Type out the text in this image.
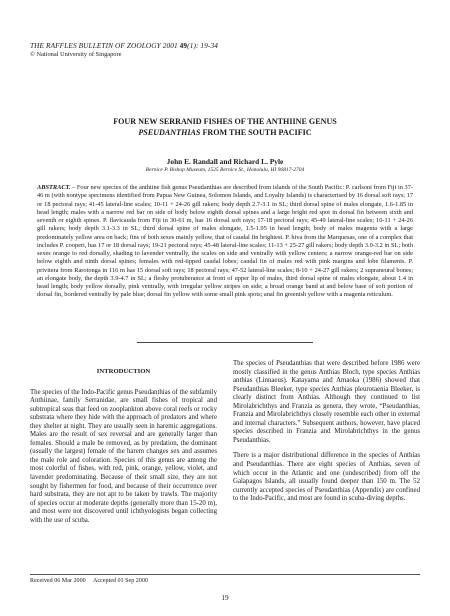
THE RAFFLES BULLETIN OF ZOOLOGY 2001 49(1): 19-34
© National University of Singapore
FOUR NEW SERRANID FISHES OF THE ANTHIINE GENUS
PSEUDANTHIAS FROM THE SOUTH PACIFIC
John E. Randall and Richard L. Pyle
Bernice P. Bishop Museum, 1525 Bernice St., Honolulu, HI 96817-2704

ABSTRACT. – Four new species of the anthiine fish genus Pseudanthias are described from islands of the South Pacific: P. carlsoni from Fiji in 37-46 m (with nontype specimens identified from Papua New Guinea, Solomon Islands, and Loyalty Islands) is characterised by 16 dorsal soft rays; 17 or 18 pectoral rays; 41-45 lateral-line scales; 10-11 + 24-26 gill rakers; body depth 2.7-3.1 in SL; third dorsal spine of males elongate, 1.6-1.85 in head length; males with a narrow red bar on side of body below eighth dorsal spines and a large bright red spot in dorsal fin between sixth and seventh or eighth spines. P. flavicauda from Fiji in 30-61 m, has 16 dorsal soft rays; 17-18 pectoral rays; 45-49 lateral-line scales; 10-11 + 24-26 gill rakers; body depth 3.1-3.3 in SL; third dorsal spine of males elongate, 1.5-1.95 in head length; body of males magenta with a large predominately yellow area on back; fins of both sexes mainly yellow, that of caudal fin brightest. P. hiva from the Marquesas, one of a complex that includes P. cooperi, has 17 or 18 dorsal rays; 19-21 pectoral rays; 45-48 lateral-line scales; 11-13 + 25-27 gill rakers; body depth 3.0-3.2 in SL; both sexes orange to red dorsally, shading to lavender ventrally, the scales on side and ventrally with yellow centers; a narrow orange-red bar on side below eighth and ninth dorsal spines; females with red-tipped caudal lobes; caudal fin of males red with pink margins and lobe filaments. P. privitera from Rarotonga in 116 m has 15 dorsal soft rays; 18 pectoral rays; 47-52 lateral-line scales; 8-10 + 24-27 gill rakers; 2 supraneural bones; an elongate body, the depth 3.9-4.7 in SL; a fleshy protuberance at front of upper lip of males, third dorsal spine of males elongate, about 1.4 in head length; body yellow dorsally, pink ventrally, with irregular yellow stripes on side; a broad orange band at and below base of soft portion of dorsal fin, bordered ventrally by pale blue; dorsal fin yellow with some small pink spots; anal fin greenish yellow with a magenta reticulum.

INTRODUCTION

The species of the Indo-Pacific genus Pseudanthias of the subfamily Anthiinae, family Serranidae, are small fishes of tropical and subtropical seas that feed on zooplankton above coral reefs or rocky substrata where they hide with the approach of predators and where they shelter at night. They are usually seen in haremic aggregations. Males are the result of sex reversal and are generally larger than females. Should a male be removed, as by predation, the dominant (usually the largest) female of the harem changes sex and assumes the male role and coloration. Species of this genus are among the most colorful of fishes, with red, pink, orange, yellow, violet, and lavender predominating. Because of their small size, they are not sought by fishermen for food, and because of their occurrence over hard substrata, they are not apt to be taken by trawls. The majority of species occur at moderate depths (generally more than 15-20 m), and most were not discovered until ichthyologists began collecting with the use of scuba.

The species of Pseudanthias that were described before 1986 were mostly classified in the genus Anthias Bloch, type species Anthias anthias (Linnaeus). Katayama and Amaoka (1986) showed that Pseudanthias Bleeker, type species Anthias pleurotaenia Bleeker, is clearly distinct from Anthias. Although they continued to list Mirolabrichthys and Franzia as genera, they wrote, “Pseudanthias, Franzia and Mirolabrichthys closely resemble each other in external and internal characters.” Subsequent authors, however, have placed species described in Franzia and Mirolabrichthys in the genus Pseudanthias.

There is a major distributional difference in the species of Anthias and Pseudanthias. There are eight species of Anthias, seven of which occur in the Atlantic and one (undescribed) from off the Galapagos Islands, all usually found deeper than 150 m. The 52 currently accepted species of Pseudanthias (Appendix) are confined to the Indo-Pacific, and most are found in scuba-diving depths.

Received 06 Mar 2000     Accepted 01 Sep 2000
19
